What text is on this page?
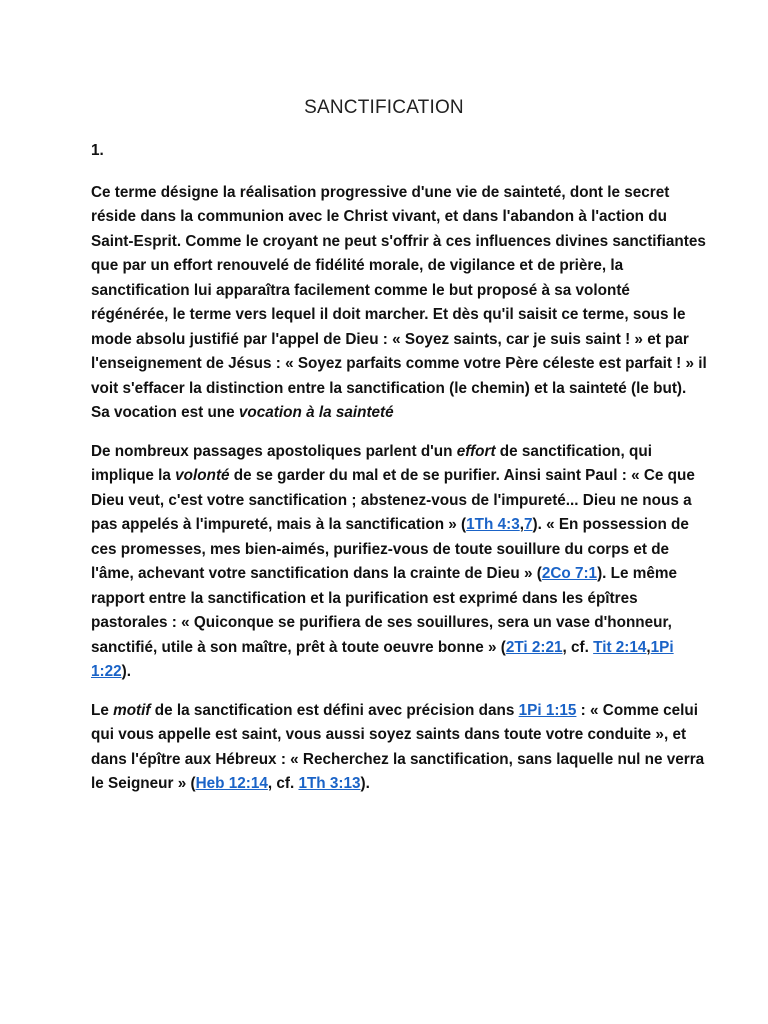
SANCTIFICATION

1.

Ce terme désigne la réalisation progressive d'une vie de sainteté, dont le secret réside dans la communion avec le Christ vivant, et dans l'abandon à l'action du Saint-Esprit. Comme le croyant ne peut s'offrir à ces influences divines sanctifiantes que par un effort renouvelé de fidélité morale, de vigilance et de prière, la sanctification lui apparaîtra facilement comme le but proposé à sa volonté régénérée, le terme vers lequel il doit marcher. Et dès qu'il saisit ce terme, sous le mode absolu justifié par l'appel de Dieu : « Soyez saints, car je suis saint ! » et par l'enseignement de Jésus : « Soyez parfaits comme votre Père céleste est parfait ! » il voit s'effacer la distinction entre la sanctification (le chemin) et la sainteté (le but). Sa vocation est une vocation à la sainteté

De nombreux passages apostoliques parlent d'un effort de sanctification, qui implique la volonté de se garder du mal et de se purifier. Ainsi saint Paul : « Ce que Dieu veut, c'est votre sanctification ; abstenez-vous de l'impureté... Dieu ne nous a pas appelés à l'impureté, mais à la sanctification » (1Th 4:3,7). « En possession de ces promesses, mes bien-aimés, purifiez-vous de toute souillure du corps et de l'âme, achevant votre sanctification dans la crainte de Dieu » (2Co 7:1). Le même rapport entre la sanctification et la purification est exprimé dans les épîtres pastorales : « Quiconque se purifiera de ses souillures, sera un vase d'honneur, sanctifié, utile à son maître, prêt à toute oeuvre bonne » (2Ti 2:21, cf. Tit 2:14,1Pi 1:22).

Le motif de la sanctification est défini avec précision dans 1Pi 1:15 : « Comme celui qui vous appelle est saint, vous aussi soyez saints dans toute votre conduite », et dans l'épître aux Hébreux : « Recherchez la sanctification, sans laquelle nul ne verra le Seigneur » (Heb 12:14, cf. 1Th 3:13).
